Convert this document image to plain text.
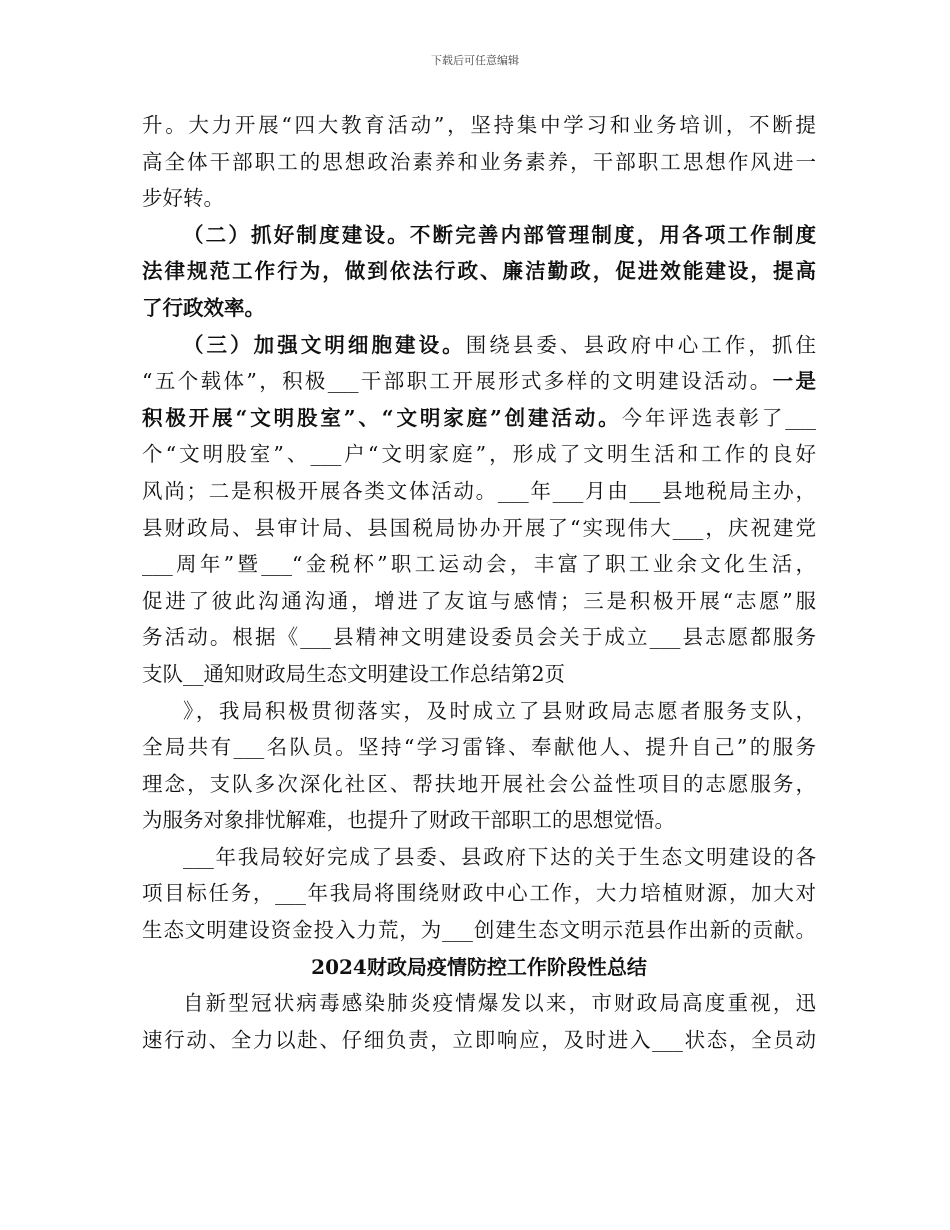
下载后可任意编辑
升。大力开展“四大教育活动”，坚持集中学习和业务培训，不断提
高全体干部职工的思想政治素养和业务素养，干部职工思想作风进一
步好转。
（二）抓好制度建设。不断完善内部管理制度，用各项工作制度
法律规范工作行为，做到依法行政、廉洁勤政，促进效能建设，提高
了行政效率。
（三）加强文明细胞建设。围绕县委、县政府中心工作，抓住
“五个载体”，积极___干部职工开展形式多样的文明建设活动。一是
积极开展“文明股室”、“文明家庭”创建活动。今年评选表彰了___
个“文明股室”、___户“文明家庭”，形成了文明生活和工作的良好
风尚；二是积极开展各类文体活动。___年___月由___县地税局主办，
县财政局、县审计局、县国税局协办开展了“实现伟大___，庆祝建党
___周年”暨___“金税杯”职工运动会，丰富了职工业余文化生活，
促进了彼此沟通沟通，增进了友谊与感情；三是积极开展“志愿”服
务活动。根据《___县精神文明建设委员会关于成立___县志愿都服务
支队__通知财政局生态文明建设工作总结第2页
》，我局积极贯彻落实，及时成立了县财政局志愿者服务支队，
全局共有___名队员。坚持“学习雷锋、奉献他人、提升自己”的服务
理念，支队多次深化社区、帮扶地开展社会公益性项目的志愿服务，
为服务对象排忧解难，也提升了财政干部职工的思想觉悟。
___年我局较好完成了县委、县政府下达的关于生态文明建设的各
项目标任务，___年我局将围绕财政中心工作，大力培植财源，加大对
生态文明建设资金投入力荒，为___创建生态文明示范县作出新的贡献。
2024财政局疫情防控工作阶段性总结
自新型冠状病毒感染肺炎疫情爆发以来，市财政局高度重视，迅
速行动、全力以赴、仔细负责，立即响应，及时进入___状态，全员动
